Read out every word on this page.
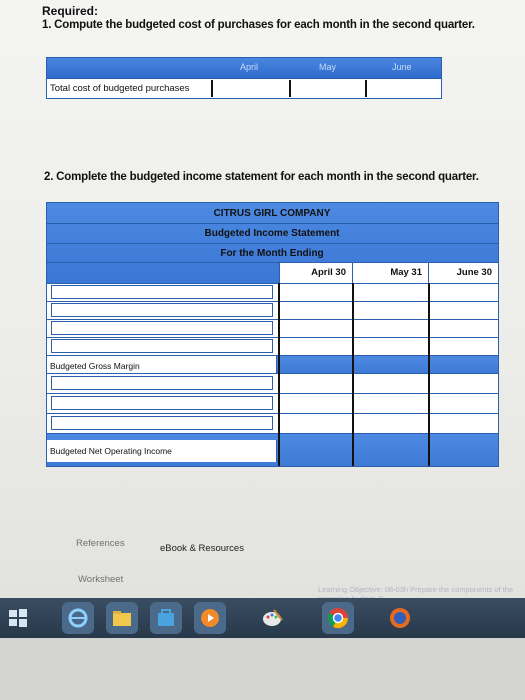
Required:
1. Compute the budgeted cost of purchases for each month in the second quarter.
April	May	June
Total cost of budgeted purchases
2. Complete the budgeted income statement for each month in the second quarter.
CITRUS GIRL COMPANY
Budgeted Income Statement
For the Month Ending
April 30	May 31	June 30
Budgeted Gross Margin
Budgeted Net Operating Income
References	eBook & Resources
Worksheet
Learning Objective: 08-03h Prepare the components of the
